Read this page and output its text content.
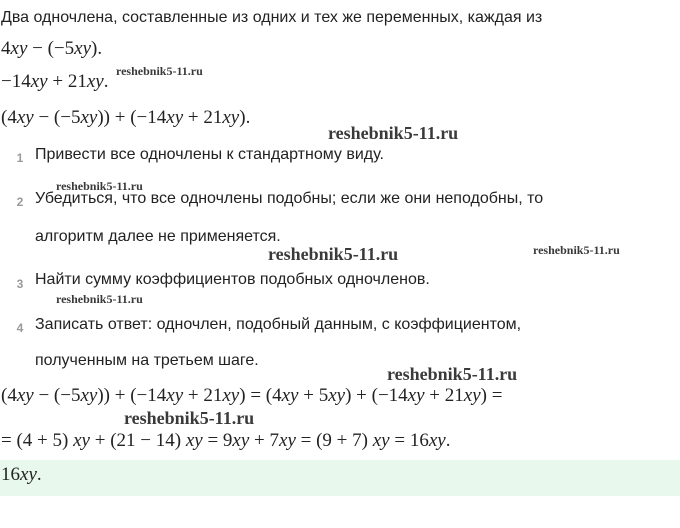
Два одночлена, составленные из одних и тех же переменных, каждая из
4xy − (−5xy).
−14xy + 21xy.
(4xy − (−5xy)) + (−14xy + 21xy).
1 Привести все одночлены к стандартному виду.
2 Убедиться, что все одночлены подобны; если же они неподобны, то
алгоритм далее не применяется.
3 Найти сумму коэффициентов подобных одночленов.
4 Записать ответ: одночлен, подобный данным, с коэффициентом,
полученным на третьем шаге.
(4xy − (−5xy)) + (−14xy + 21xy) = (4xy + 5xy) + (−14xy + 21xy) =
= (4 + 5) xy + (21 − 14) xy = 9xy + 7xy = (9 + 7) xy = 16xy.
16xy.
reshebnik5-11.ru
reshebnik5-11.ru
reshebnik5-11.ru
reshebnik5-11.ru	reshebnik5-11.ru
reshebnik5-11.ru
reshebnik5-11.ru
reshebnik5-11.ru
